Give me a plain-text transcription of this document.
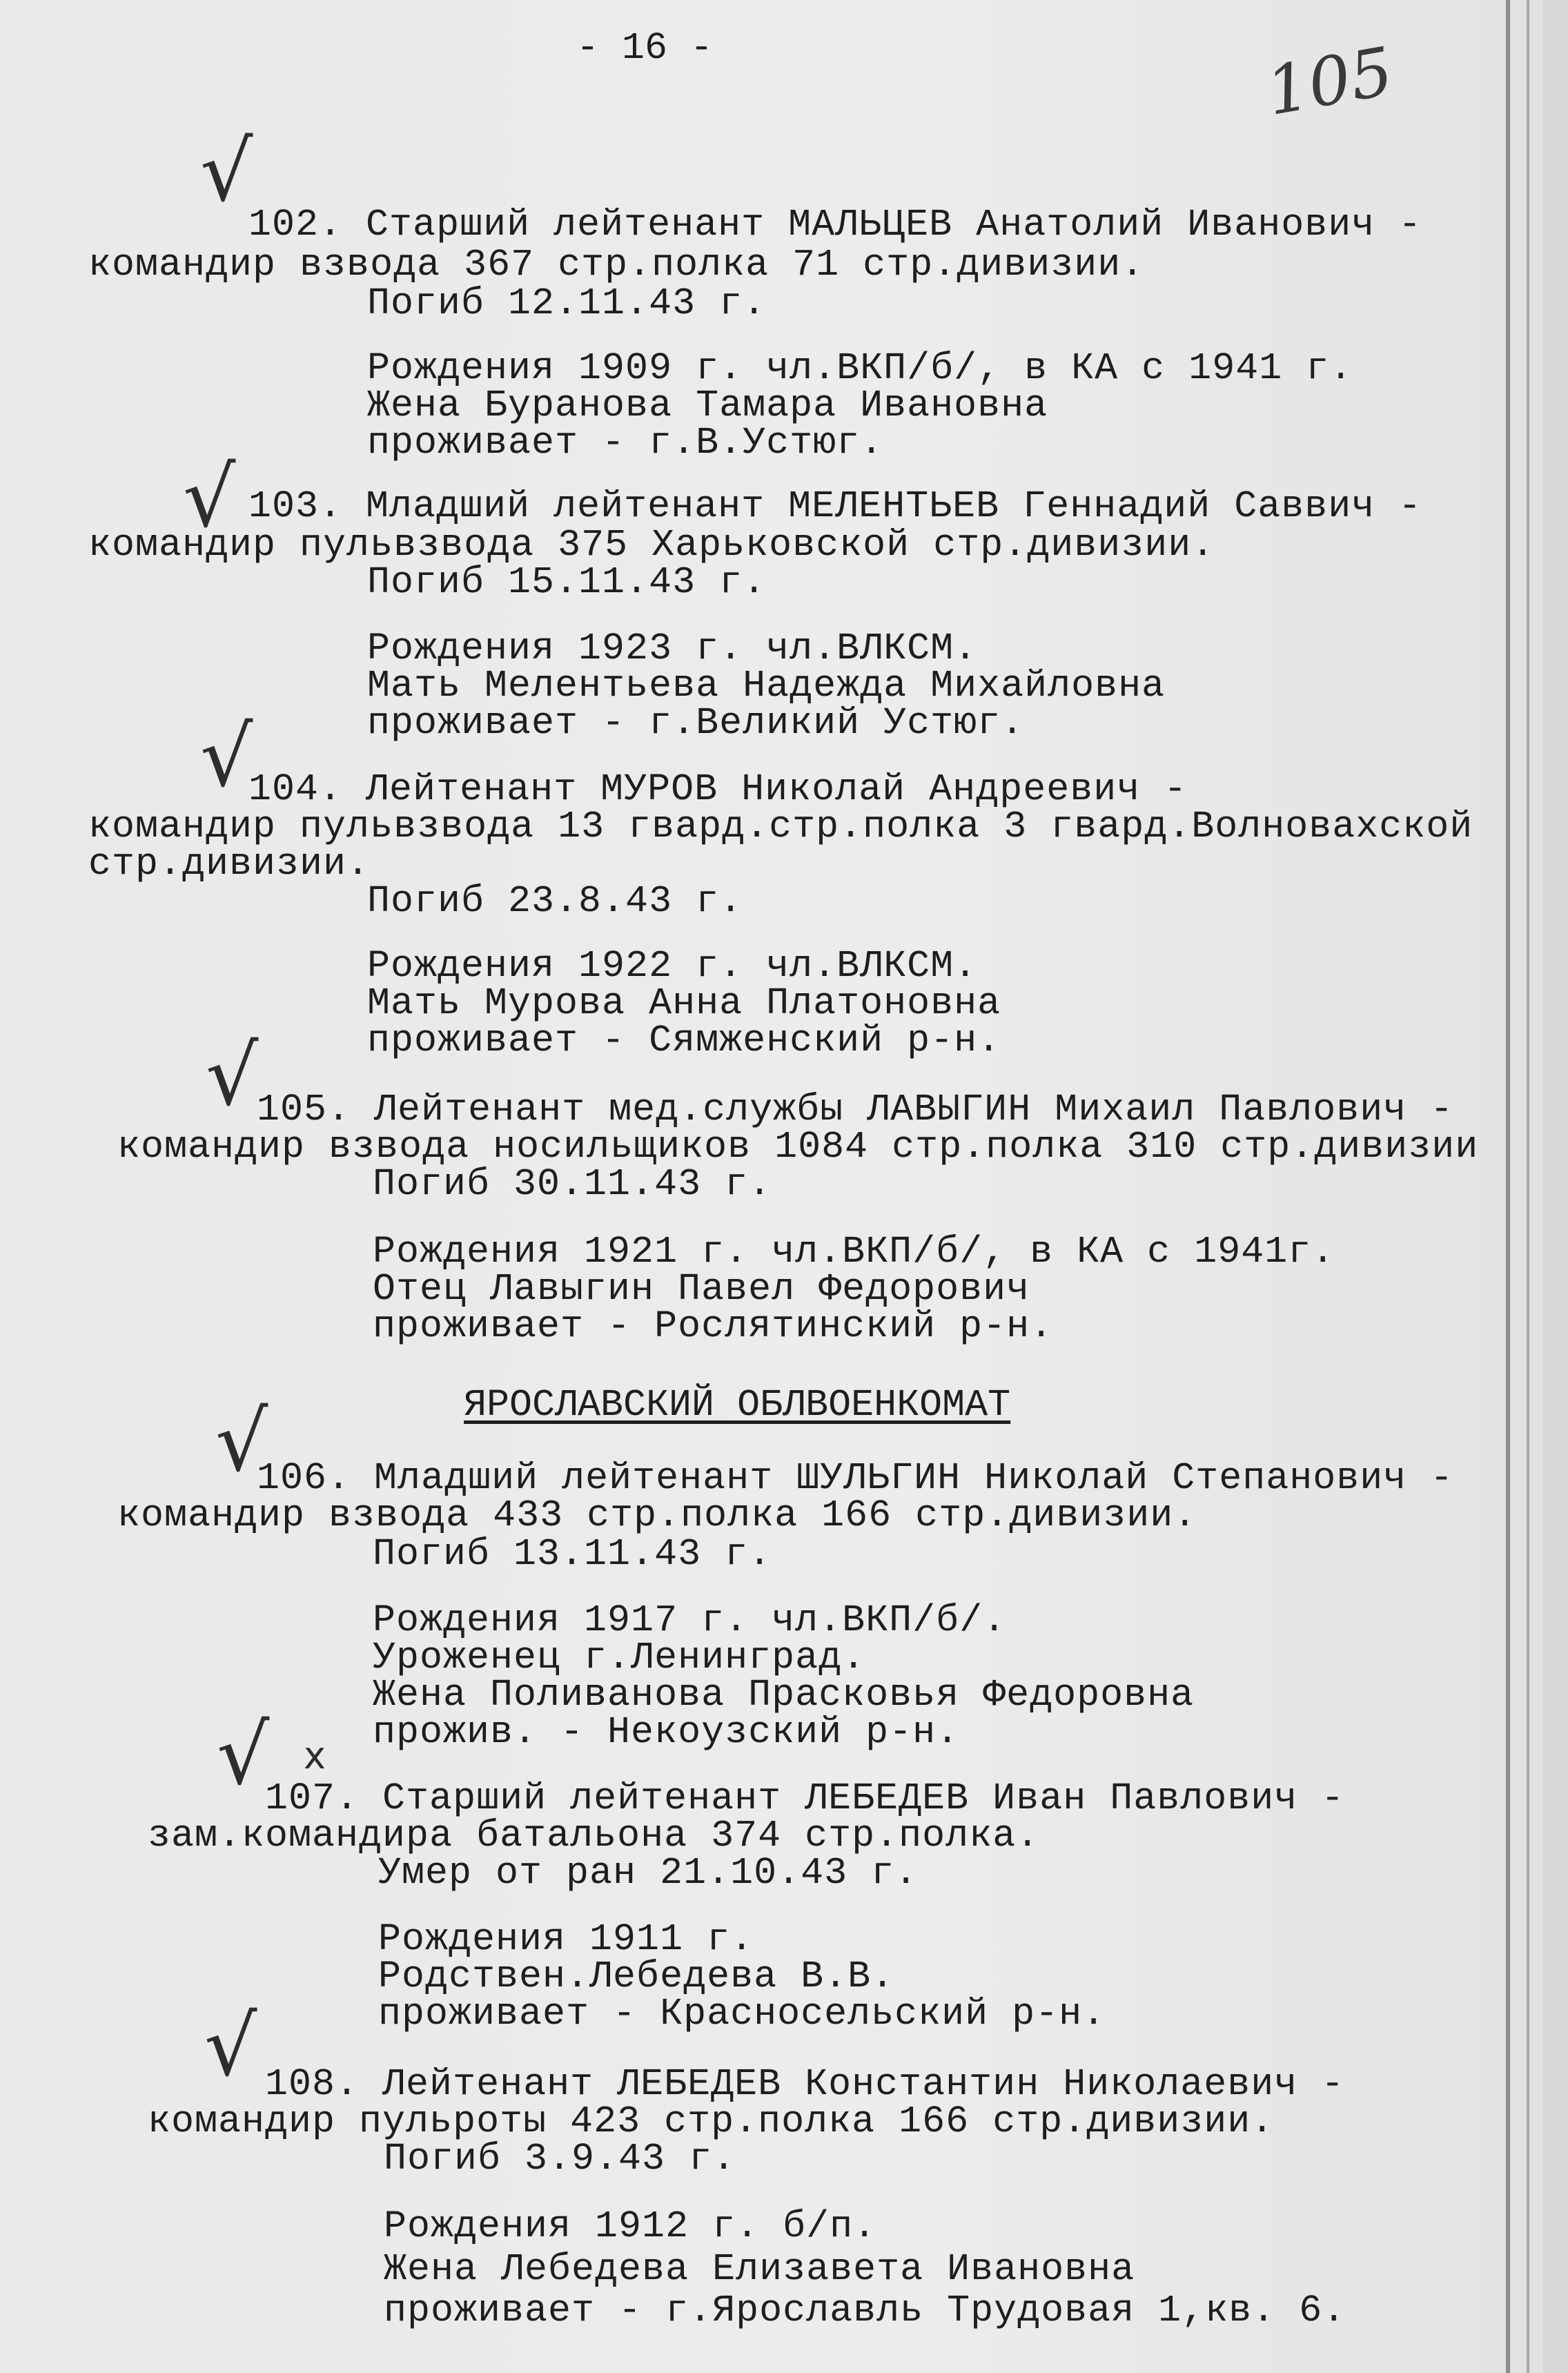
- 16 -	105
√
102. Старший лейтенант МАЛЬЦЕВ Анатолий Иванович -
командир взвода 367 стр.полка 71 стр.дивизии.
Погиб 12.11.43 г.
Рождения 1909 г. чл.ВКП/б/, в КА с 1941 г.
Жена Буранова Тамара Ивановна
проживает - г.В.Устюг.
√ 103. Младший лейтенант МЕЛЕНТЬЕВ Геннадий Саввич -
командир пульвзвода 375 Харьковской стр.дивизии.
Погиб 15.11.43 г.
Рождения 1923 г. чл.ВЛКСМ.
Мать Мелентьева Надежда Михайловна
проживает - г.Великий Устюг.
√
104. Лейтенант МУРОВ Николай Андреевич -
командир пульвзвода 13 гвард.стр.полка 3 гвард.Волновахской
стр.дивизии.
Погиб 23.8.43 г.
Рождения 1922 г. чл.ВЛКСМ.
Мать Мурова Анна Платоновна
проживает - Сямженский р-н.
√
105. Лейтенант мед.службы ЛАВЫГИН Михаил Павлович -
командир взвода носильщиков 1084 стр.полка 310 стр.дивизии
Погиб 30.11.43 г.
Рождения 1921 г. чл.ВКП/б/, в КА с 1941г.
Отец Лавыгин Павел Федорович
проживает - Рослятинский р-н.
ЯРОСЛАВСКИЙ ОБЛВОЕНКОМАТ
√
106. Младший лейтенант ШУЛЬГИН Николай Степанович -
командир взвода 433 стр.полка 166 стр.дивизии.
Погиб 13.11.43 г.
Рождения 1917 г. чл.ВКП/б/.
Уроженец г.Ленинград.
Жена Поливанова Прасковья Федоровна
прожив. - Некоузский р-н.
√ x
107. Старший лейтенант ЛЕБЕДЕВ Иван Павлович -
зам.командира батальона 374 стр.полка.
Умер от ран 21.10.43 г.
Рождения 1911 г.
Родствен.Лебедева В.В.
проживает - Красносельский р-н.
√ 108. Лейтенант ЛЕБЕДЕВ Константин Николаевич -
командир пульроты 423 стр.полка 166 стр.дивизии.
Погиб 3.9.43 г.
Рождения 1912 г. б/п.
Жена Лебедева Елизавета Ивановна
проживает - г.Ярославль Трудовая 1,кв. 6.
